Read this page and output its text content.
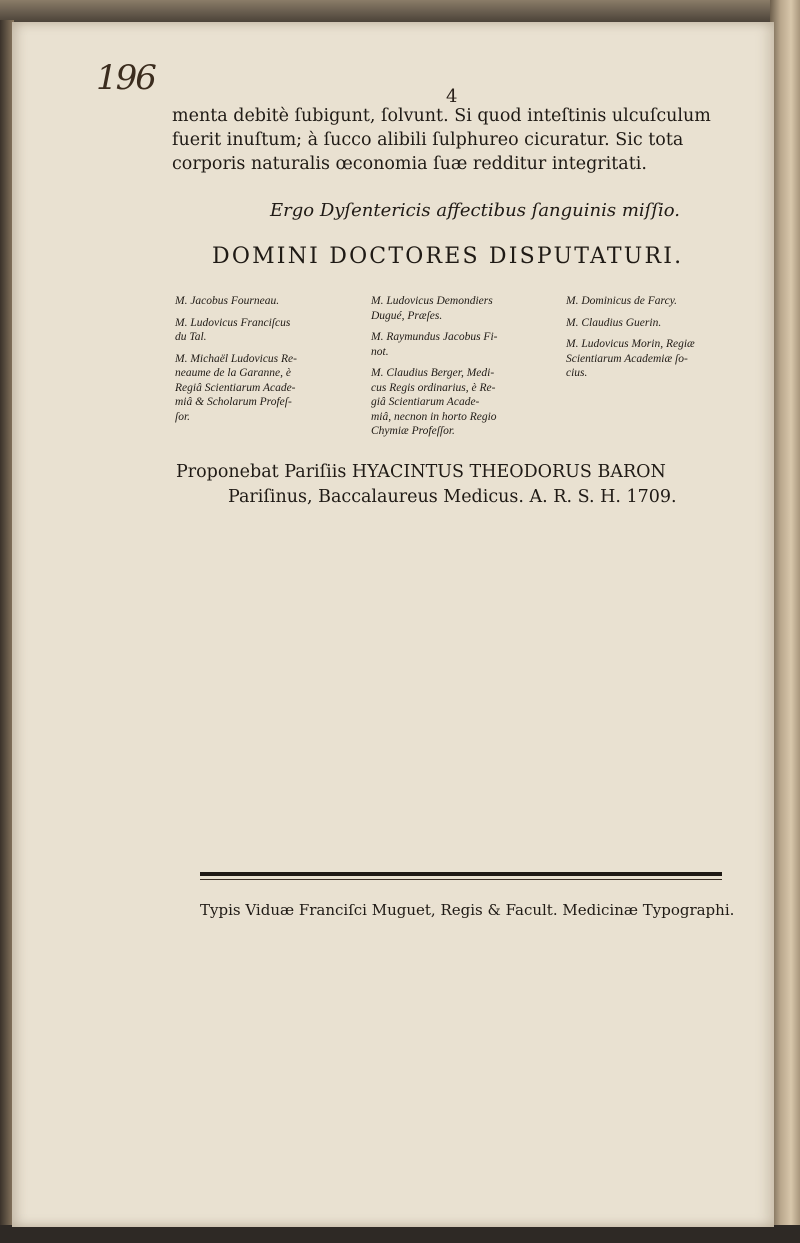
196	4
menta debitè ſubigunt, ſolvunt. Si quod inteſtinis ulcuſculum
fuerit inuſtum; à ſucco alibili ſulphureo cicuratur. Sic tota
corporis naturalis œconomia ſuæ redditur integritati.
Ergo Dyſentericis affectibus ſanguinis miſſio.
DOMINI DOCTORES DISPUTATURI.
M. Jacobus Fourneau.
M. Ludovicus Franciſcus
du Tal.
M. Michaël Ludovicus Re-
neaume de la Garanne, è
Regiâ Scientiarum Acade-
miâ & Scholarum Profeſ-
ſor.
M. Ludovicus Demondiers
Dugué, Præſes.
M. Raymundus Jacobus Fi-
not.
M. Claudius Berger, Medi-
cus Regis ordinarius, è Re-
giâ Scientiarum Acade-
miâ, necnon in horto Regio
Chymiæ Profeſſor.
M. Dominicus de Farcy.
M. Claudius Guerin.
M. Ludovicus Morin, Regiæ
Scientiarum Academiæ ſo-
cius.
Proponebat Pariſiis HYACINTUS THEODORUS BARON
Pariſinus, Baccalaureus Medicus. A. R. S. H. 1709.
Typis Viduæ Franciſci Muguet, Regis & Facult. Medicinæ Typographi.
